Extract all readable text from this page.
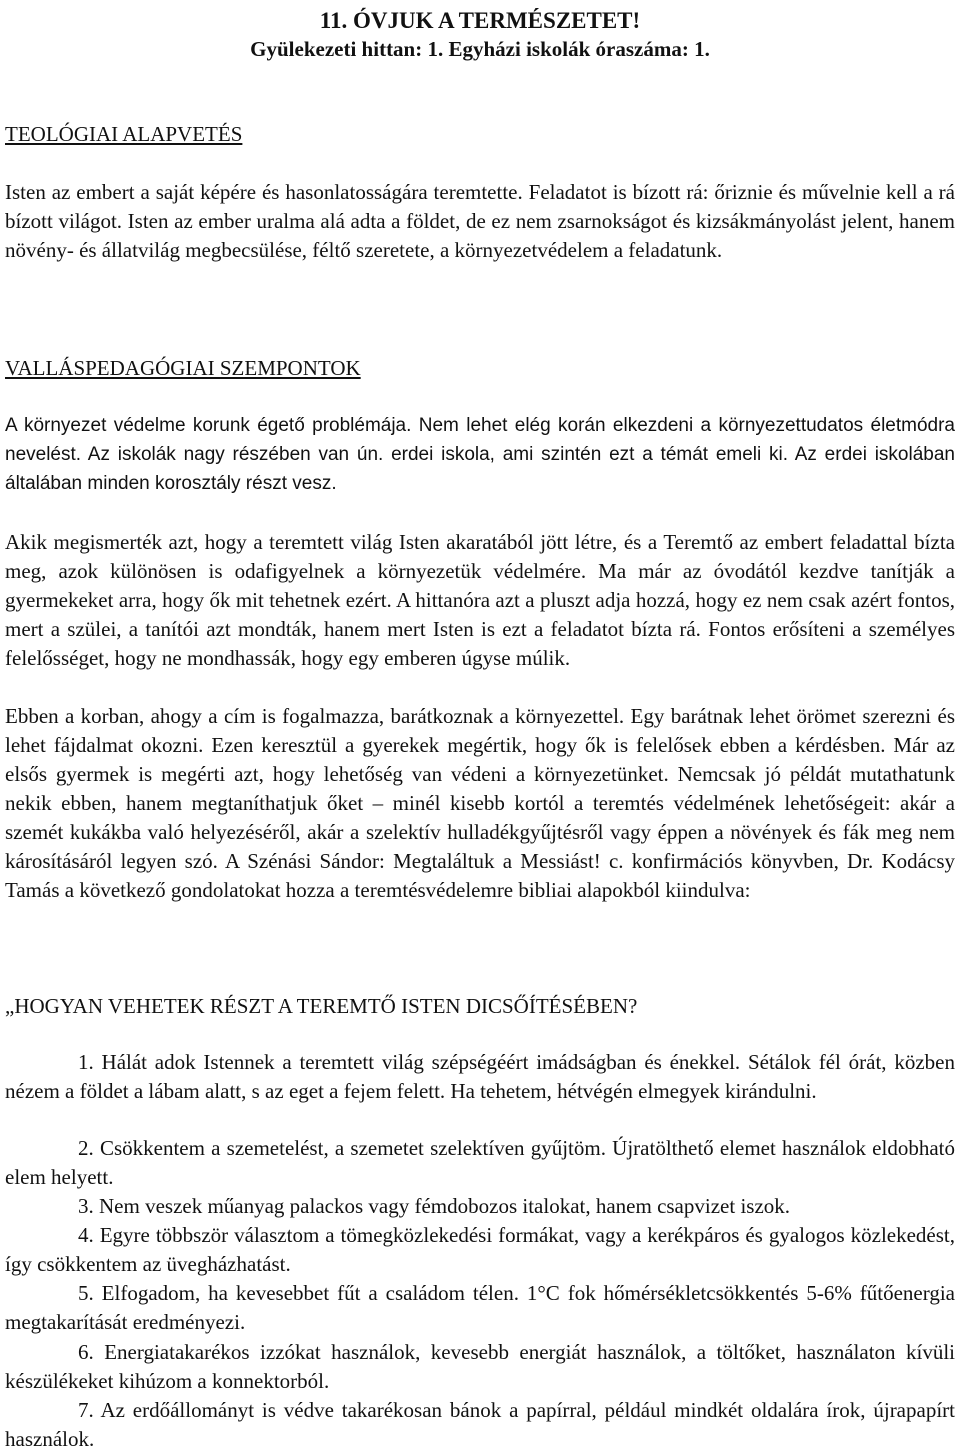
11. ÓVJUK A TERMÉSZETET!

Gyülekezeti hittan: 1. Egyházi iskolák óraszáma: 1.

TEOLÓGIAI ALAPVETÉS

Isten az embert a saját képére és hasonlatosságára teremtette. Feladatot is bízott rá: őriznie és művelnie kell a rá bízott világot. Isten az ember uralma alá adta a földet, de ez nem zsarnokságot és kizsákmányolást jelent, hanem növény- és állatvilág megbecsülése, féltő szeretete, a környezetvédelem a feladatunk.

VALLÁSPEDAGÓGIAI SZEMPONTOK

A környezet védelme korunk égető problémája. Nem lehet elég korán elkezdeni a környezettudatos életmódra nevelést. Az iskolák nagy részében van ún. erdei iskola, ami szintén ezt a témát emeli ki. Az erdei iskolában általában minden korosztály részt vesz.

Akik megismerték azt, hogy a teremtett világ Isten akaratából jött létre, és a Teremtő az embert feladattal bízta meg, azok különösen is odafigyelnek a környezetük védelmére. Ma már az óvodától kezdve tanítják a gyermekeket arra, hogy ők mit tehetnek ezért. A hittanóra azt a pluszt adja hozzá, hogy ez nem csak azért fontos, mert a szülei, a tanítói azt mondták, hanem mert Isten is ezt a feladatot bízta rá. Fontos erősíteni a személyes felelősséget, hogy ne mondhassák, hogy egy emberen úgyse múlik.

Ebben a korban, ahogy a cím is fogalmazza, barátkoznak a környezettel. Egy barátnak lehet örömet szerezni és lehet fájdalmat okozni. Ezen keresztül a gyerekek megértik, hogy ők is felelősek ebben a kérdésben. Már az elsős gyermek is megérti azt, hogy lehetőség van védeni a környezetünket. Nemcsak jó példát mutathatunk nekik ebben, hanem megtaníthatjuk őket – minél kisebb kortól a teremtés védelmének lehetőségeit: akár a szemét kukákba való helyezéséről, akár a szelektív hulladékgyűjtésről vagy éppen a növények és fák meg nem károsításáról legyen szó. A Szénási Sándor: Megtaláltuk a Messiást! c. konfirmációs könyvben, Dr. Kodácsy Tamás a következő gondolatokat hozza a teremtésvédelemre bibliai alapokból kiindulva:

„HOGYAN VEHETEK RÉSZT A TEREMTŐ ISTEN DICSŐÍTÉSÉBEN?

1. Hálát adok Istennek a teremtett világ szépségéért imádságban és énekkel. Sétálok fél órát, közben nézem a földet a lábam alatt, s az eget a fejem felett. Ha tehetem, hétvégén elmegyek kirándulni.

2. Csökkentem a szemetelést, a szemetet szelektíven gyűjtöm. Újratölthető elemet használok eldobható elem helyett.

3. Nem veszek műanyag palackos vagy fémdobozos italokat, hanem csapvizet iszok.

4. Egyre többször választom a tömegközlekedési formákat, vagy a kerékpáros és gyalogos közlekedést, így csökkentem az üvegházhatást.

5. Elfogadom, ha kevesebbet fűt a családom télen. 1°C fok hőmérsékletcsökkentés 5-6% fűtőenergia megtakarítását eredményezi.

6. Energiatakarékos izzókat használok, kevesebb energiát használok, a töltőket, használaton kívüli készülékeket kihúzom a konnektorból.

7. Az erdőállományt is védve takarékosan bánok a papírral, például mindkét oldalára írok, újrapapírt használok.
